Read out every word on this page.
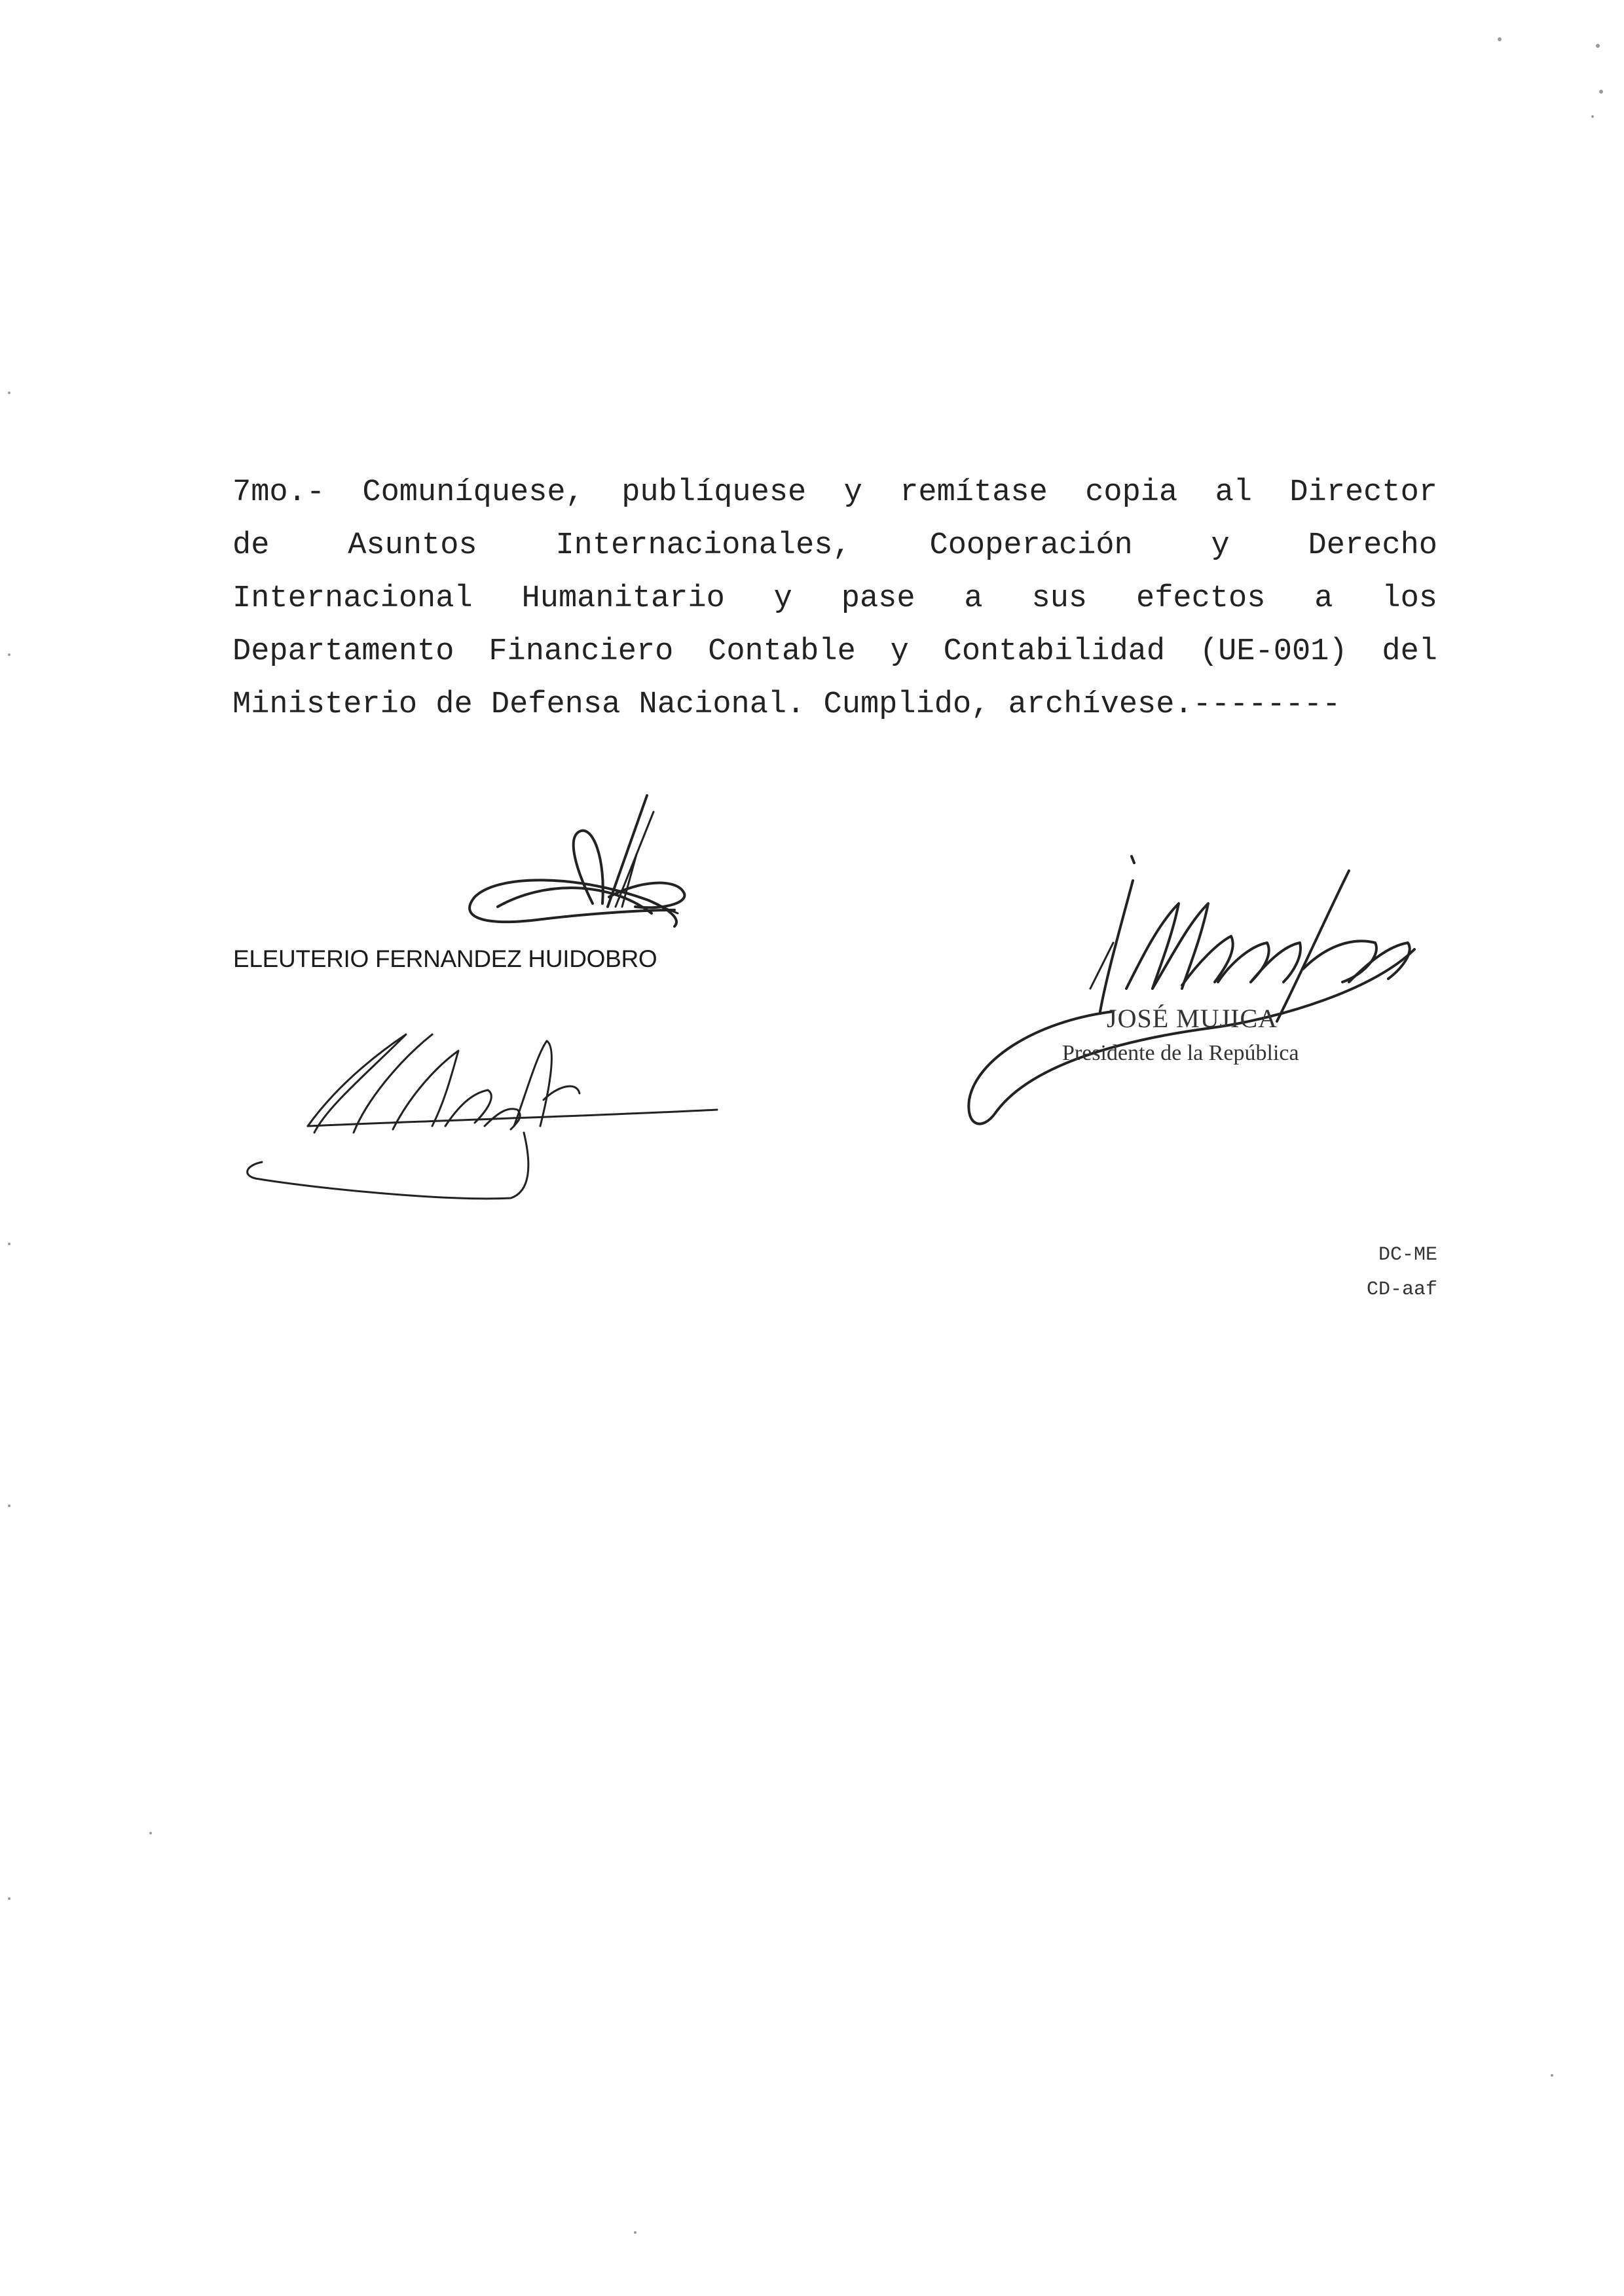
7mo.- Comuníquese, publíquese y remítase copia al Director
de Asuntos Internacionales, Cooperación y Derecho
Internacional Humanitario y pase a sus efectos a los
Departamento Financiero Contable y Contabilidad (UE-001) del
Ministerio de Defensa Nacional. Cumplido, archívese.--------
ELEUTERIO FERNANDEZ HUIDOBRO
JOSÉ MUJICA
Presidente de la República
DC-ME
CD-aaf
